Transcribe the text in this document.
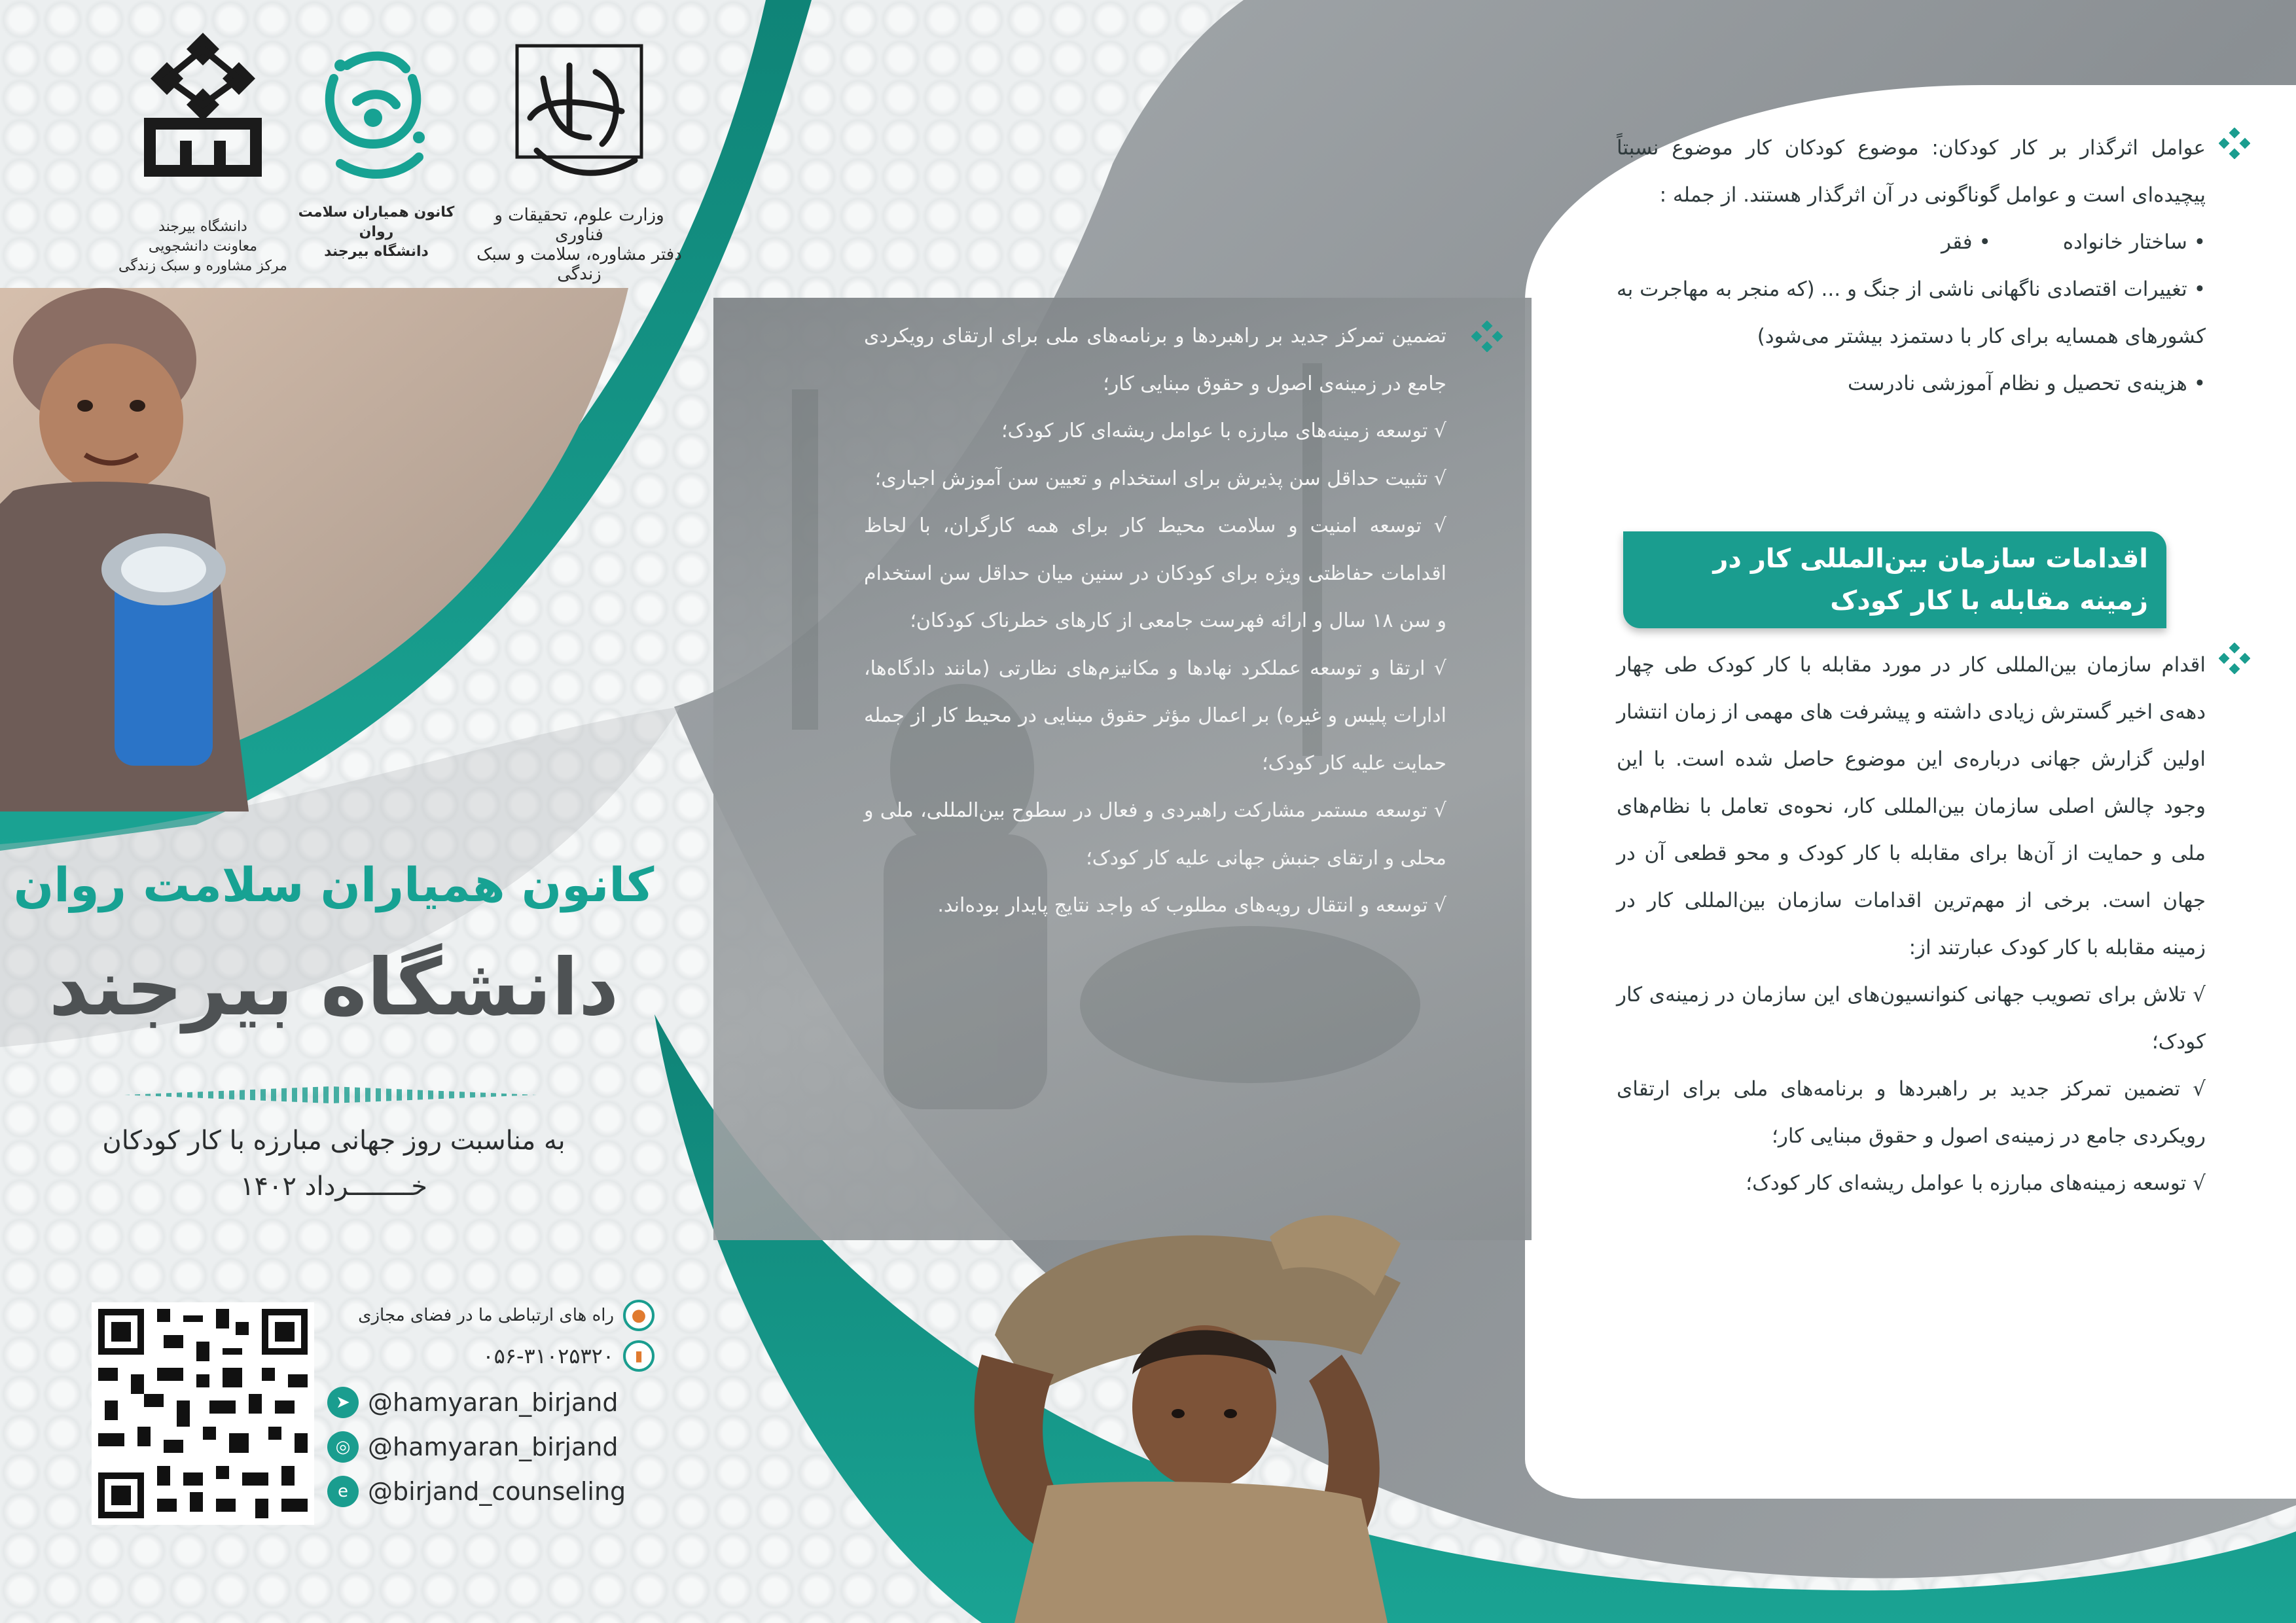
دانشگاه بیرجند
معاونت دانشجویی
مرکز مشاوره و سبک زندگی
کانون همیاران سلامت روان
دانشگاه بیرجند
وزارت علوم، تحقیقات و فناوری
دفتر مشاوره، سلامت و سبک زندگی
کانون همیاران سلامت روان
دانشگاه بیرجند
به مناسبت روز جهانی مبارزه با کار کودکان
خــــــــرداد ۱۴۰۲
راه های ارتباطی ما در فضای مجازی	●
۰۵۶-۳۱۰۲۵۳۲۰	▮
➤ @hamyaran_birjand
◎ @hamyaran_birjand
e @birjand_counseling

تضمین تمرکز جدید بر راهبردها و برنامه‌های ملی برای ارتقای رویکردی جامع در زمینه‌ی اصول و حقوق مبنایی کار؛

√ توسعه زمینه‌های مبارزه با عوامل ریشه‌ای کار کودک؛

√ تثبیت حداقل سن پذیرش برای استخدام و تعیین سن آموزش اجباری؛

√ توسعه امنیت و سلامت محیط کار برای همه کارگران، با لحاظ اقدامات حفاظتی ویژه برای کودکان در سنین میان حداقل سن استخدام و سن ۱۸ سال و ارائه فهرست جامعی از کارهای خطرناک کودکان؛

√ ارتقا و توسعه عملکرد نهادها و مکانیزم‌های نظارتی (مانند دادگاه‌ها، ادارات پلیس و غیره) بر اعمال مؤثر حقوق مبنایی در محیط کار از جمله حمایت علیه کار کودک؛

√ توسعه مستمر مشارکت راهبردی و فعال در سطوح بین‌المللی، ملی و محلی و ارتقای جنبش جهانی علیه کار کودک؛

√ توسعه و انتقال رویه‌های مطلوب که واجد نتایج پایدار بوده‌اند.

عوامل اثرگذار بر کار کودکان: موضوع کودکان کار موضوع نسبتاً پیچیده‌ای است و عوامل گوناگونی در آن اثرگذار هستند. از جمله :

• ساختار خانواده
• فقر

• تغییرات اقتصادی ناگهانی ناشی از جنگ و ... (که منجر به مهاجرت به کشورهای همسایه برای کار با دستمزد بیشتر می‌شود)

• هزینه‌ی تحصیل و نظام آموزشی نادرست

اقدامات سازمان بین‌المللی کار در زمینه مقابله با کار کودک

اقدام سازمان بین‌المللی کار در مورد مقابله با کار کودک طی چهار دهه‌ی اخیر گسترش زیادی داشته و پیشرفت های مهمی از زمان انتشار اولین گزارش جهانی درباره‌ی این موضوع حاصل شده است. با این وجود چالش اصلی سازمان بین‌المللی کار، نحوه‌ی تعامل با نظام‌های ملی و حمایت از آن‌ها برای مقابله با کار کودک و محو قطعی آن در جهان است. برخی از مهم‌ترین اقدامات سازمان بین‌المللی کار در زمینه مقابله با کار کودک عبارتند از:

√ تلاش برای تصویب جهانی کنوانسیون‌های این سازمان در زمینه‌ی کار کودک؛

√ تضمین تمرکز جدید بر راهبردها و برنامه‌های ملی برای ارتقای رویکردی جامع در زمینه‌ی اصول و حقوق مبنایی کار؛

√ توسعه زمینه‌های مبارزه با عوامل ریشه‌ای کار کودک؛
